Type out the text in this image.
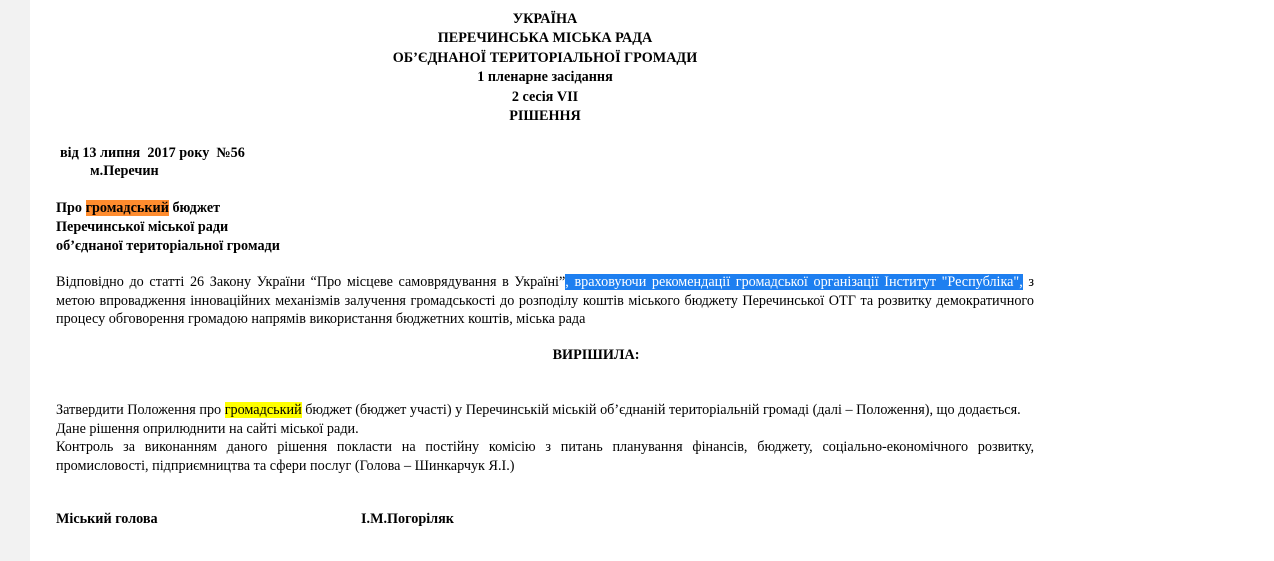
УКРАЇНА
ПЕРЕЧИНСЬКА МІСЬКА РАДА
ОБ’ЄДНАНОЇ ТЕРИТОРІАЛЬНОЇ ГРОМАДИ
1 пленарне засідання
2 сесія VII
РІШЕННЯ
від 13 липня  2017 року  №56
м.Перечин
Про громадський бюджет
Перечинської міської ради
об’єднаної територіальної громади
Відповідно до статті 26 Закону України “Про місцеве самоврядування в Україні”, враховуючи рекомендації громадської організації Інститут "Республіка", з метою впровадження інноваційних механізмів залучення громадськості до розподілу коштів міського бюджету Перечинської ОТГ та розвитку демократичного процесу обговорення громадою напрямів використання бюджетних коштів, міська рада
ВИРІШИЛА:
Затвердити Положення про громадський бюджет (бюджет участі) у Перечинській міській об’єднаній територіальній громаді (далі – Положення), що додається.
Дане рішення оприлюднити на сайті міської ради.
Контроль за виконанням даного рішення покласти на постійну комісію з питань планування фінансів, бюджету, соціально-економічного розвитку, промисловості, підприємництва та сфери послуг (Голова – Шинкарчук Я.І.)
Міський голова	І.М.Погоріляк
